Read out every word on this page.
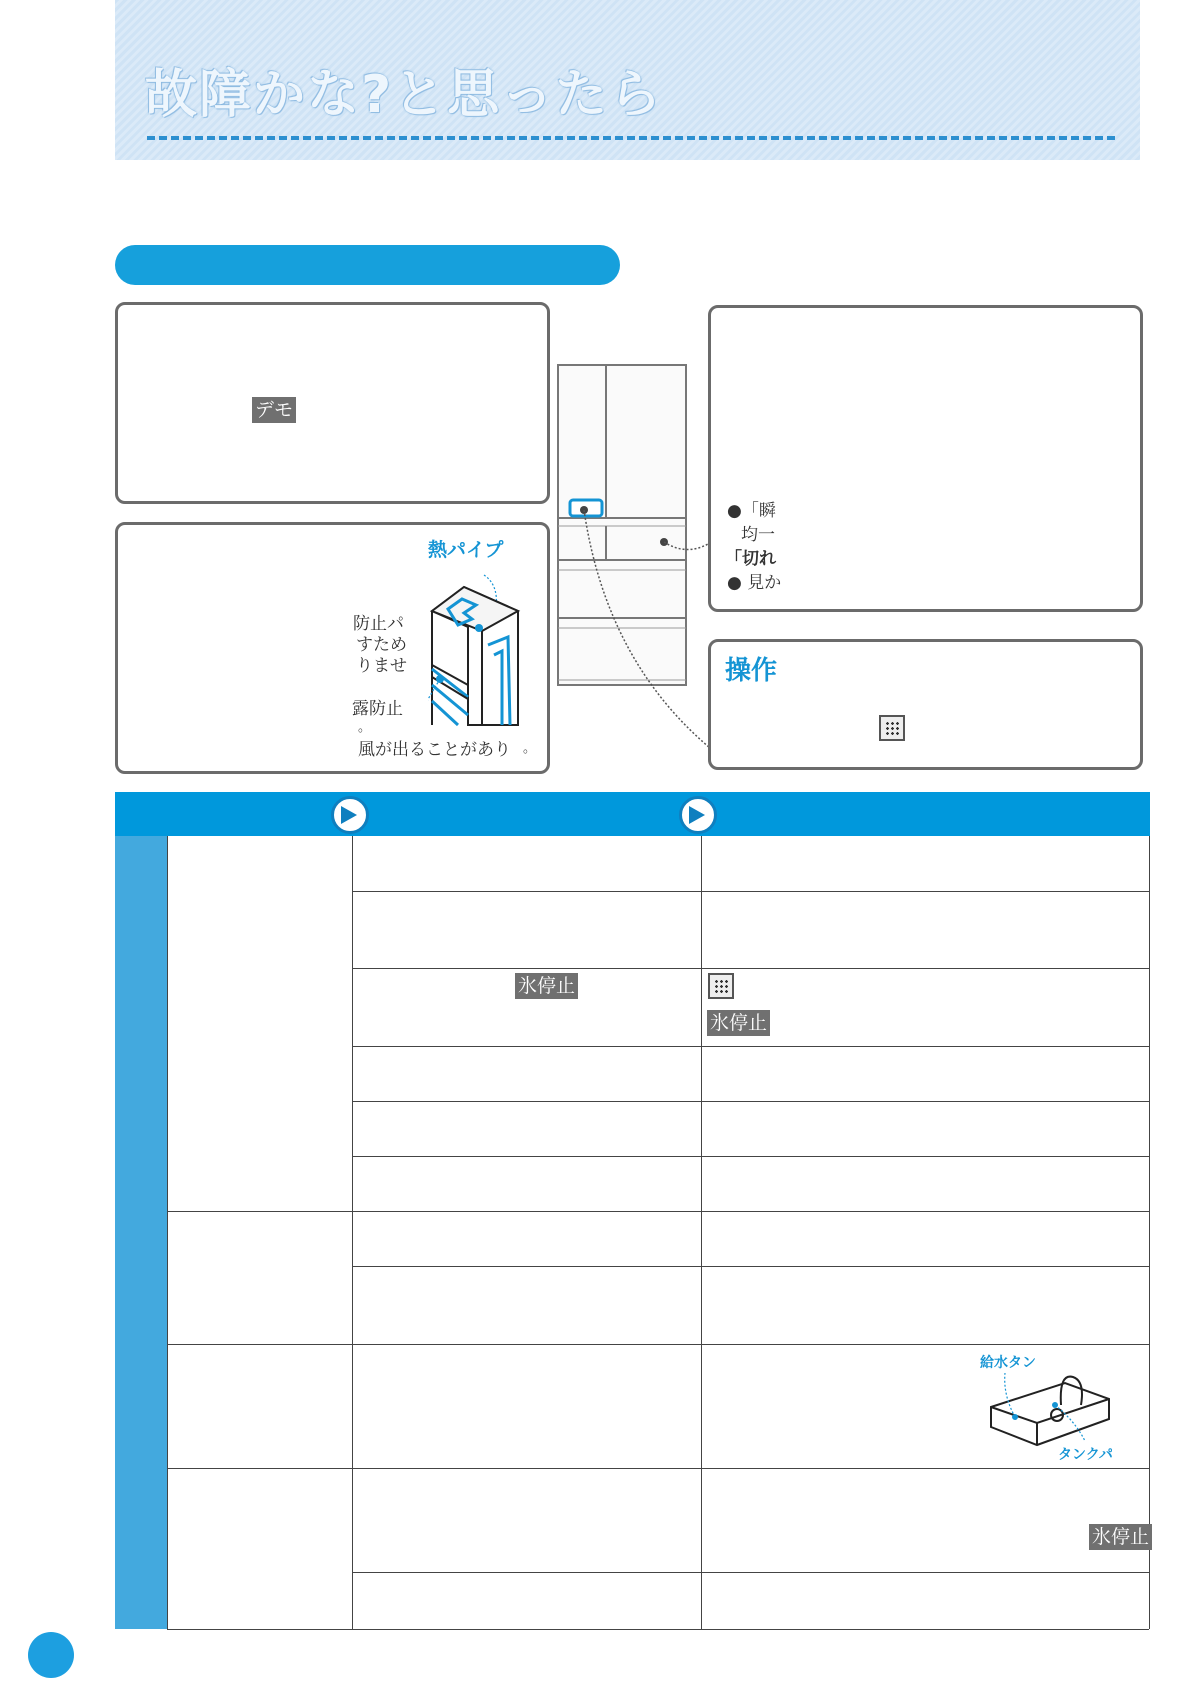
故障かな?と思ったら
デモ
熱パイプ
防止パ
すため
りませ
露防止
。
風が出ることがあり 。
●「瞬
均一
「切れ
● 見か
操作
氷停止
氷停止
氷停止
給水タン
タンクパ
